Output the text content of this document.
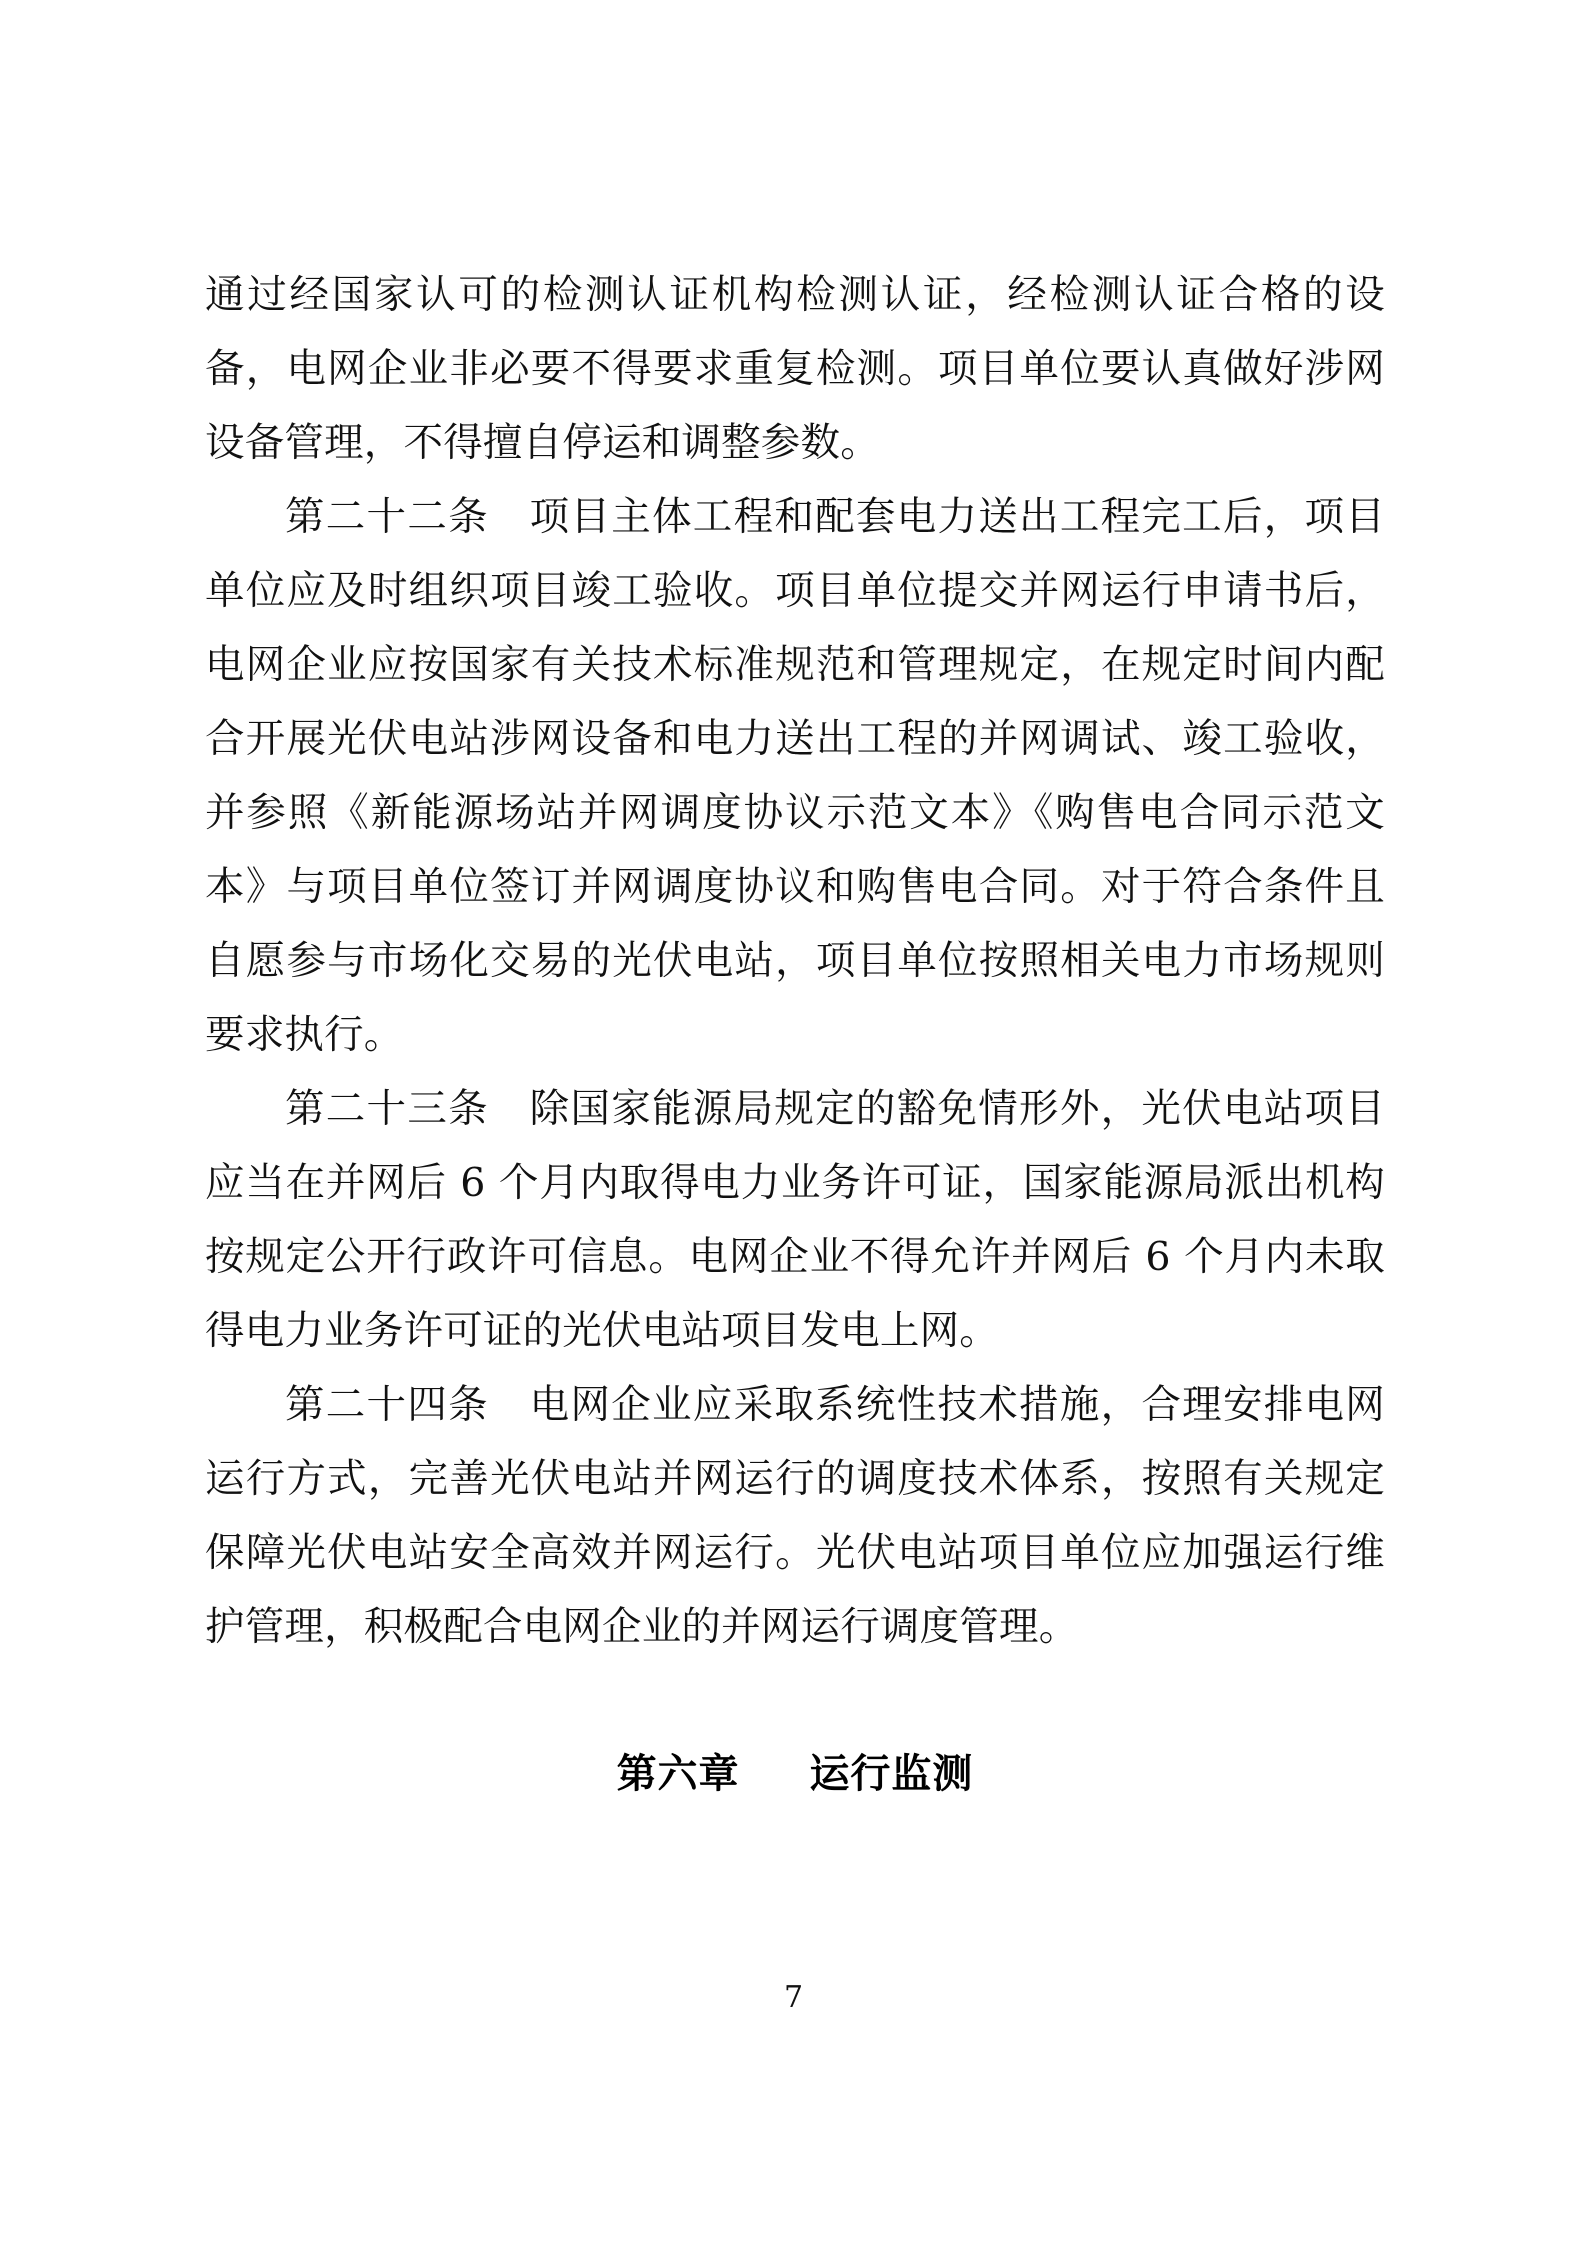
通过经国家认可的检测认证机构检测认证，经检测认证合格的设备，电网企业非必要不得要求重复检测。项目单位要认真做好涉网设备管理，不得擅自停运和调整参数。

第二十二条　项目主体工程和配套电力送出工程完工后，项目单位应及时组织项目竣工验收。项目单位提交并网运行申请书后，电网企业应按国家有关技术标准规范和管理规定，在规定时间内配合开展光伏电站涉网设备和电力送出工程的并网调试、竣工验收，并参照《新能源场站并网调度协议示范文本》《购售电合同示范文本》与项目单位签订并网调度协议和购售电合同。对于符合条件且自愿参与市场化交易的光伏电站，项目单位按照相关电力市场规则要求执行。

第二十三条　除国家能源局规定的豁免情形外，光伏电站项目应当在并网后 6 个月内取得电力业务许可证，国家能源局派出机构按规定公开行政许可信息。电网企业不得允许并网后 6 个月内未取得电力业务许可证的光伏电站项目发电上网。

第二十四条　电网企业应采取系统性技术措施，合理安排电网运行方式，完善光伏电站并网运行的调度技术体系，按照有关规定保障光伏电站安全高效并网运行。光伏电站项目单位应加强运行维护管理，积极配合电网企业的并网运行调度管理。

第六章 运行监测
7
